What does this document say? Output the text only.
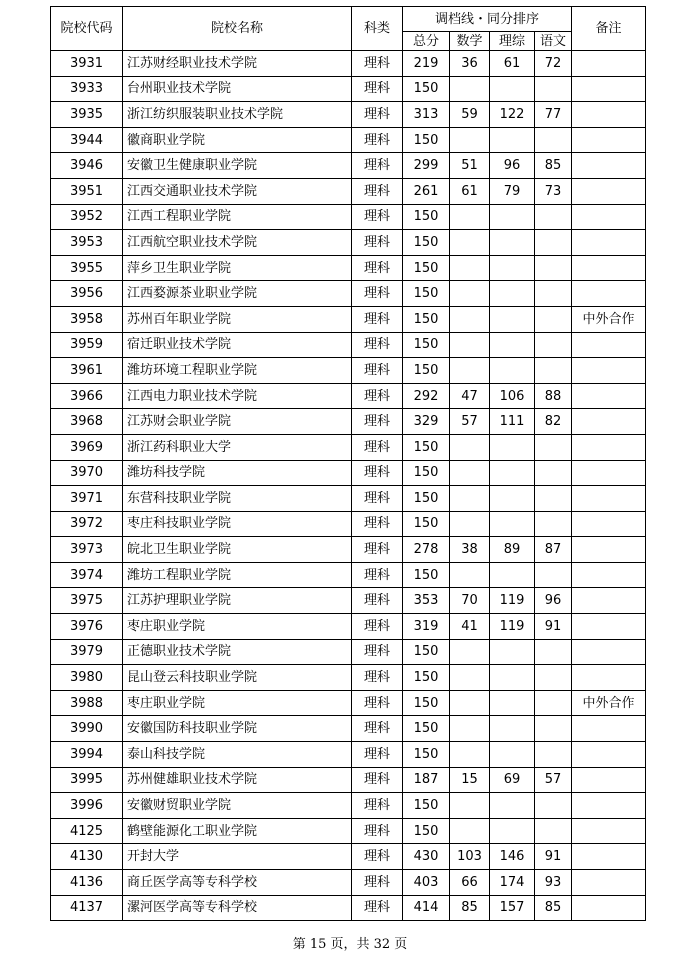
院校代码	院校名称	科类	调档线・同分排序				备注
			总分	数学	理综	语文	
3931	江苏财经职业技术学院	理科	219	36	61	72	
3933	台州职业技术学院	理科	150				
3935	浙江纺织服装职业技术学院	理科	313	59	122	77	
3944	徽商职业学院	理科	150				
3946	安徽卫生健康职业学院	理科	299	51	96	85	
3951	江西交通职业技术学院	理科	261	61	79	73	
3952	江西工程职业学院	理科	150				
3953	江西航空职业技术学院	理科	150				
3955	萍乡卫生职业学院	理科	150				
3956	江西婺源茶业职业学院	理科	150				
3958	苏州百年职业学院	理科	150				中外合作
3959	宿迁职业技术学院	理科	150				
3961	潍坊环境工程职业学院	理科	150				
3966	江西电力职业技术学院	理科	292	47	106	88	
3968	江苏财会职业学院	理科	329	57	111	82	
3969	浙江药科职业大学	理科	150				
3970	潍坊科技学院	理科	150				
3971	东营科技职业学院	理科	150				
3972	枣庄科技职业学院	理科	150				
3973	皖北卫生职业学院	理科	278	38	89	87	
3974	潍坊工程职业学院	理科	150				
3975	江苏护理职业学院	理科	353	70	119	96	
3976	枣庄职业学院	理科	319	41	119	91	
3979	正德职业技术学院	理科	150				
3980	昆山登云科技职业学院	理科	150				
3988	枣庄职业学院	理科	150				中外合作
3990	安徽国防科技职业学院	理科	150				
3994	泰山科技学院	理科	150				
3995	苏州健雄职业技术学院	理科	187	15	69	57	
3996	安徽财贸职业学院	理科	150				
4125	鹤壁能源化工职业学院	理科	150				
4130	开封大学	理科	430	103	146	91	
4136	商丘医学高等专科学校	理科	403	66	174	93	
4137	漯河医学高等专科学校	理科	414	85	157	85	
第 15 页，共 32 页
